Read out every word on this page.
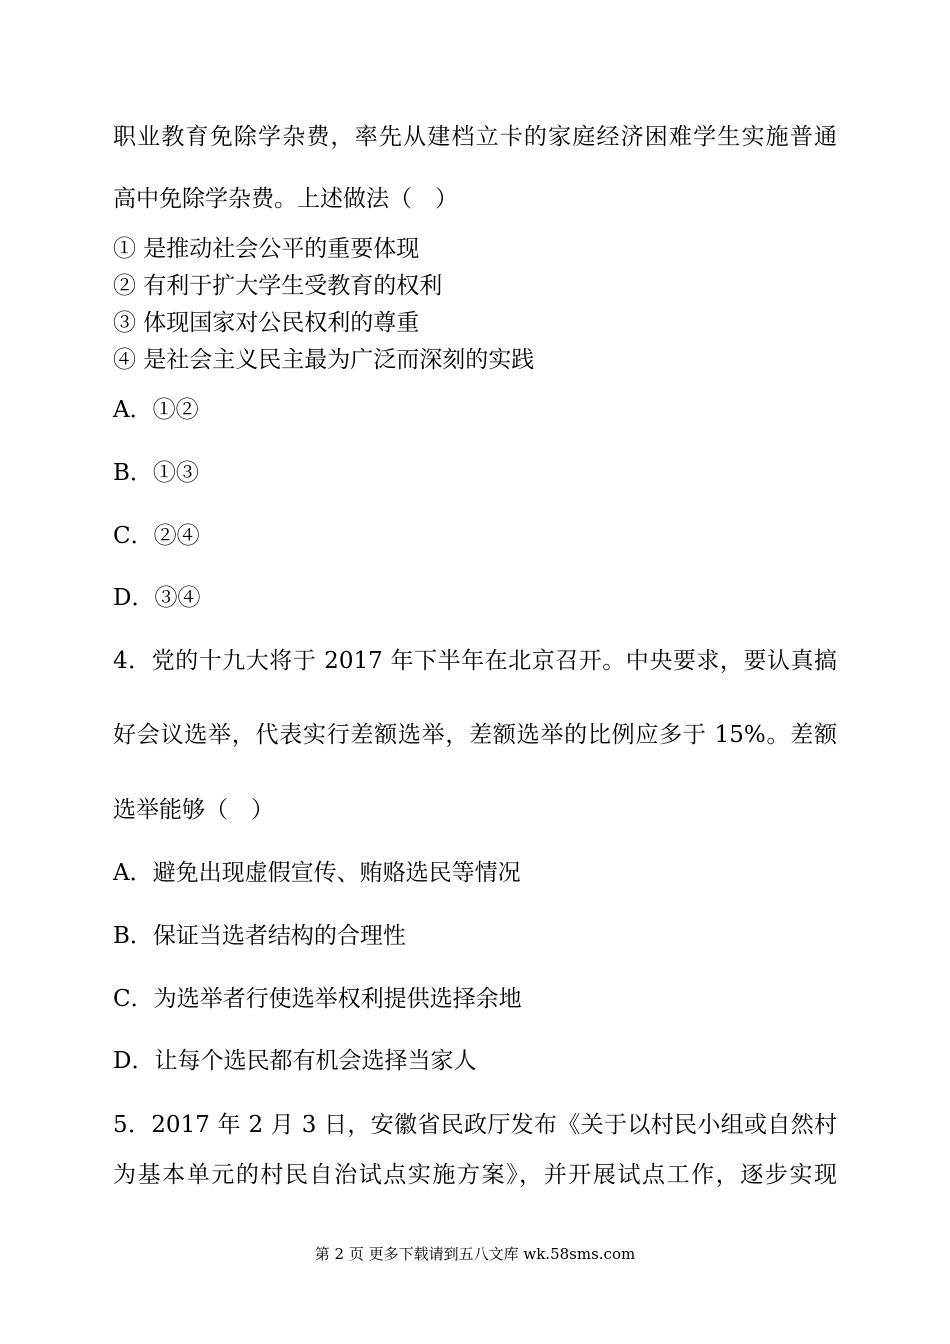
职业教育免除学杂费，率先从建档立卡的家庭经济困难学生实施普通
高中免除学杂费。上述做法（　）
① 是推动社会公平的重要体现
② 有利于扩大学生受教育的权利
③ 体现国家对公民权利的尊重
④ 是社会主义民主最为广泛而深刻的实践
A．①②
B．①③
C．②④
D．③④
4．党的十九大将于 2017 年下半年在北京召开。中央要求，要认真搞
好会议选举，代表实行差额选举，差额选举的比例应多于 15%。差额
选举能够（　）
A．避免出现虚假宣传、贿赂选民等情况
B．保证当选者结构的合理性
C．为选举者行使选举权利提供选择余地
D．让每个选民都有机会选择当家人
5．2017 年 2 月 3 日，安徽省民政厅发布《关于以村民小组或自然村
为基本单元的村民自治试点实施方案》，并开展试点工作，逐步实现
第 2 页 更多下载请到五八文库 wk.58sms.com
